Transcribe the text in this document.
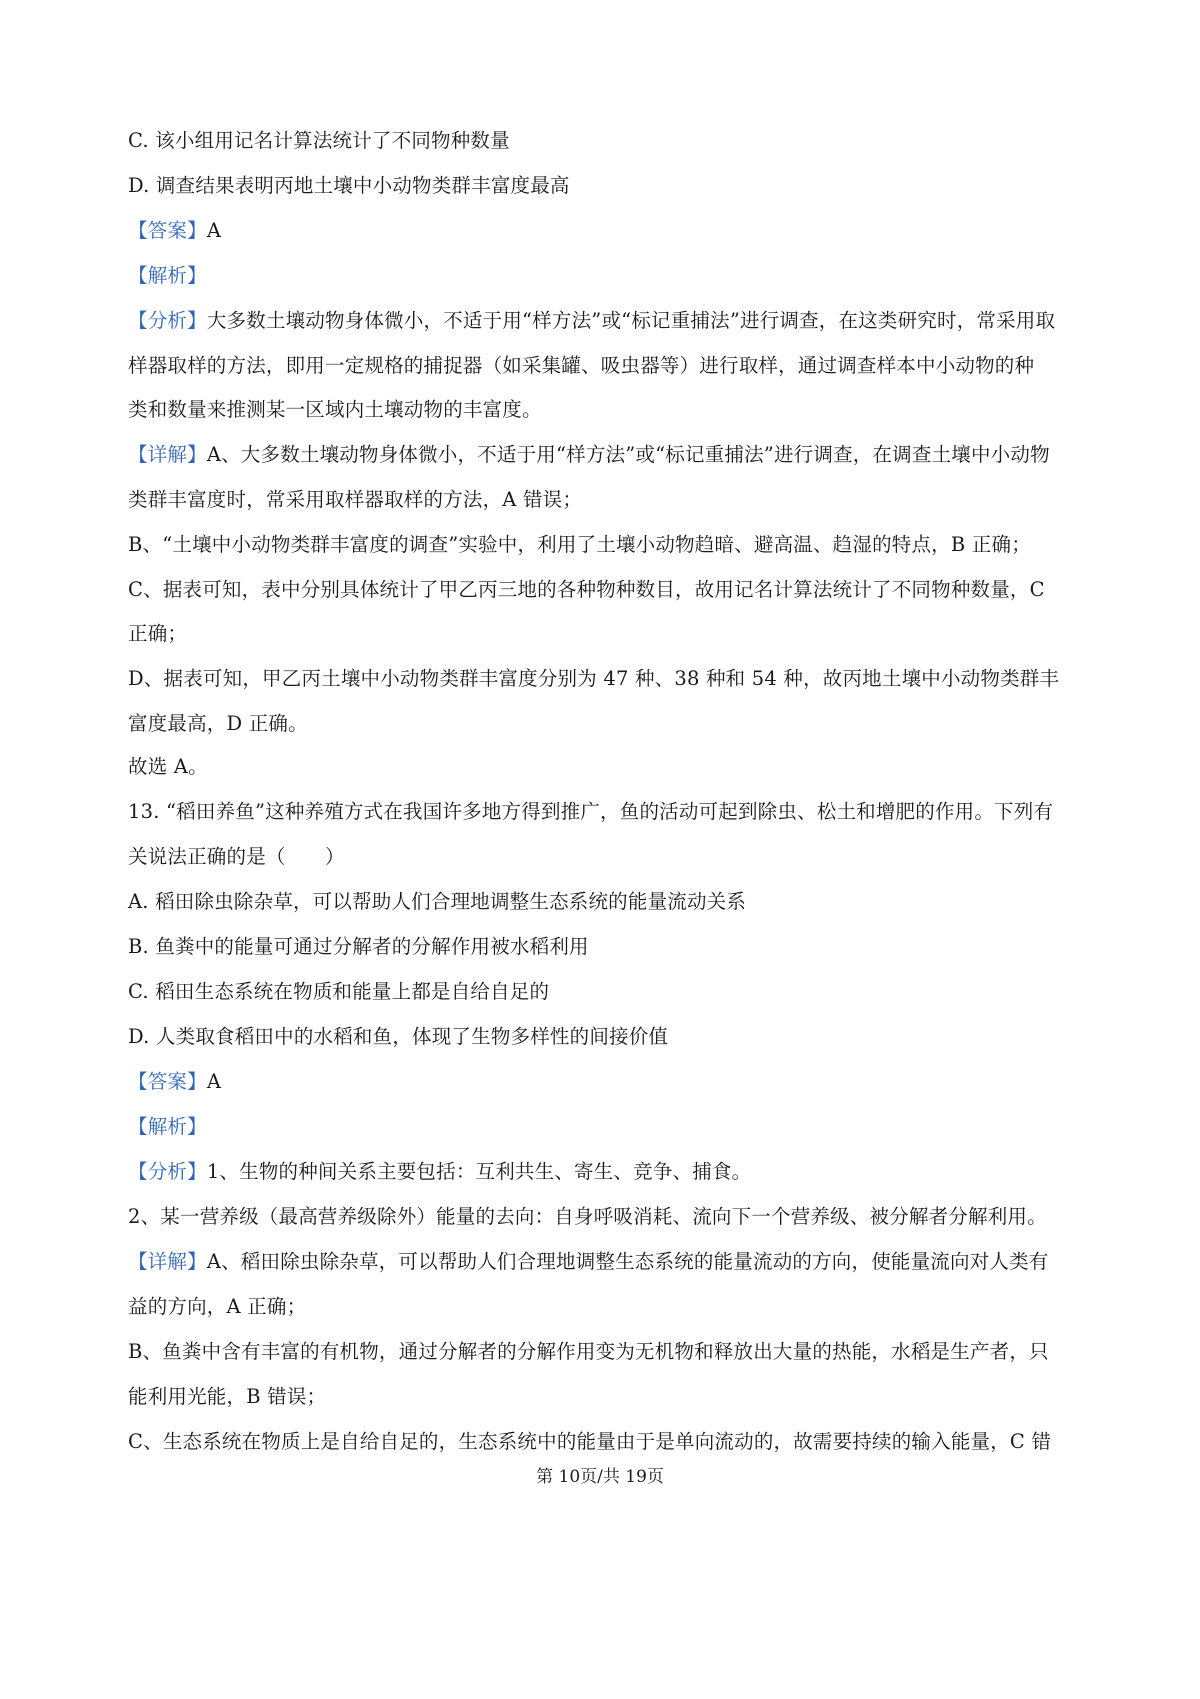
C. 该小组用记名计算法统计了不同物种数量
D. 调查结果表明丙地土壤中小动物类群丰富度最高
【答案】A
【解析】
【分析】大多数土壤动物身体微小，不适于用“样方法”或“标记重捕法”进行调查，在这类研究时，常采用取
样器取样的方法，即用一定规格的捕捉器（如采集罐、吸虫器等）进行取样，通过调查样本中小动物的种
类和数量来推测某一区域内土壤动物的丰富度。
【详解】A、大多数土壤动物身体微小，不适于用“样方法”或“标记重捕法”进行调查，在调查土壤中小动物
类群丰富度时，常采用取样器取样的方法，A 错误；
B、“土壤中小动物类群丰富度的调查”实验中，利用了土壤小动物趋暗、避高温、趋湿的特点，B 正确；
C、据表可知，表中分别具体统计了甲乙丙三地的各种物种数目，故用记名计算法统计了不同物种数量，C
正确；
D、据表可知，甲乙丙土壤中小动物类群丰富度分别为 47 种、38 种和 54 种，故丙地土壤中小动物类群丰
富度最高，D 正确。
故选 A。
13. “稻田养鱼”这种养殖方式在我国许多地方得到推广，鱼的活动可起到除虫、松土和增肥的作用。下列有
关说法正确的是（　　）
A. 稻田除虫除杂草，可以帮助人们合理地调整生态系统的能量流动关系
B. 鱼粪中的能量可通过分解者的分解作用被水稻利用
C. 稻田生态系统在物质和能量上都是自给自足的
D. 人类取食稻田中的水稻和鱼，体现了生物多样性的间接价值
【答案】A
【解析】
【分析】1、生物的种间关系主要包括：互利共生、寄生、竞争、捕食。
2、某一营养级（最高营养级除外）能量的去向：自身呼吸消耗、流向下一个营养级、被分解者分解利用。
【详解】A、稻田除虫除杂草，可以帮助人们合理地调整生态系统的能量流动的方向，使能量流向对人类有
益的方向，A 正确；
B、鱼粪中含有丰富的有机物，通过分解者的分解作用变为无机物和释放出大量的热能，水稻是生产者，只
能利用光能，B 错误；
C、生态系统在物质上是自给自足的，生态系统中的能量由于是单向流动的，故需要持续的输入能量，C 错
第 10页/共 19页
